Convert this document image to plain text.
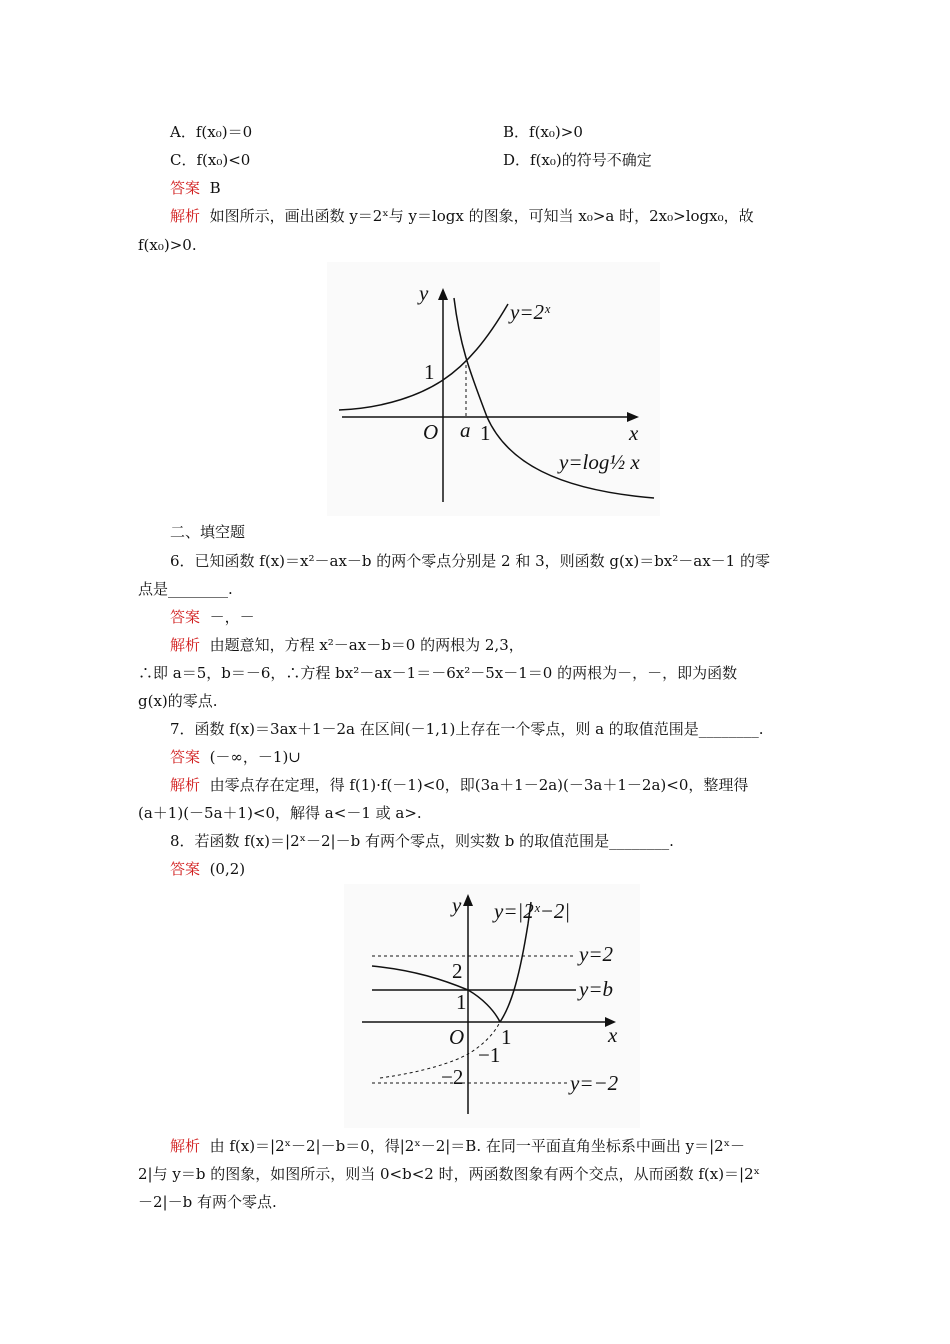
A．f(x₀)＝0	B．f(x₀)>0
C．f(x₀)<0	D．f(x₀)的符号不确定
答案 B
解析 如图所示，画出函数 y＝2ˣ与 y＝logx 的图象，可知当 x₀>a 时，2x₀>logx₀，故
f(x₀)>0.
y
x
O
1
a 1
y=2ˣ
y=log½ x
二、填空题
6．已知函数 f(x)＝x²－ax－b 的两个零点分别是 2 和 3，则函数 g(x)＝bx²－ax－1 的零
点是________.
答案 －，－
解析 由题意知，方程 x²－ax－b＝0 的两根为 2,3，
∴即 a＝5，b＝－6，∴方程 bx²－ax－1＝－6x²－5x－1＝0 的两根为－，－，即为函数
g(x)的零点.
7．函数 f(x)＝3ax＋1－2a 在区间(－1,1)上存在一个零点，则 a 的取值范围是________.
答案 (－∞，－1)∪
解析 由零点存在定理，得 f(1)·f(－1)<0，即(3a＋1－2a)(－3a＋1－2a)<0，整理得
(a＋1)(－5a＋1)<0，解得 a<－1 或 a>.
8．若函数 f(x)＝|2ˣ－2|－b 有两个零点，则实数 b 的取值范围是________.
答案 (0,2)
y
x
O
y=|2ˣ−2|
y=2
y=b
y=−2
2
1
−1
−2
1
解析 由 f(x)＝|2ˣ－2|－b＝0，得|2ˣ－2|＝B. 在同一平面直角坐标系中画出 y＝|2ˣ－
2|与 y＝b 的图象，如图所示，则当 0<b<2 时，两函数图象有两个交点，从而函数 f(x)＝|2ˣ
－2|－b 有两个零点.
